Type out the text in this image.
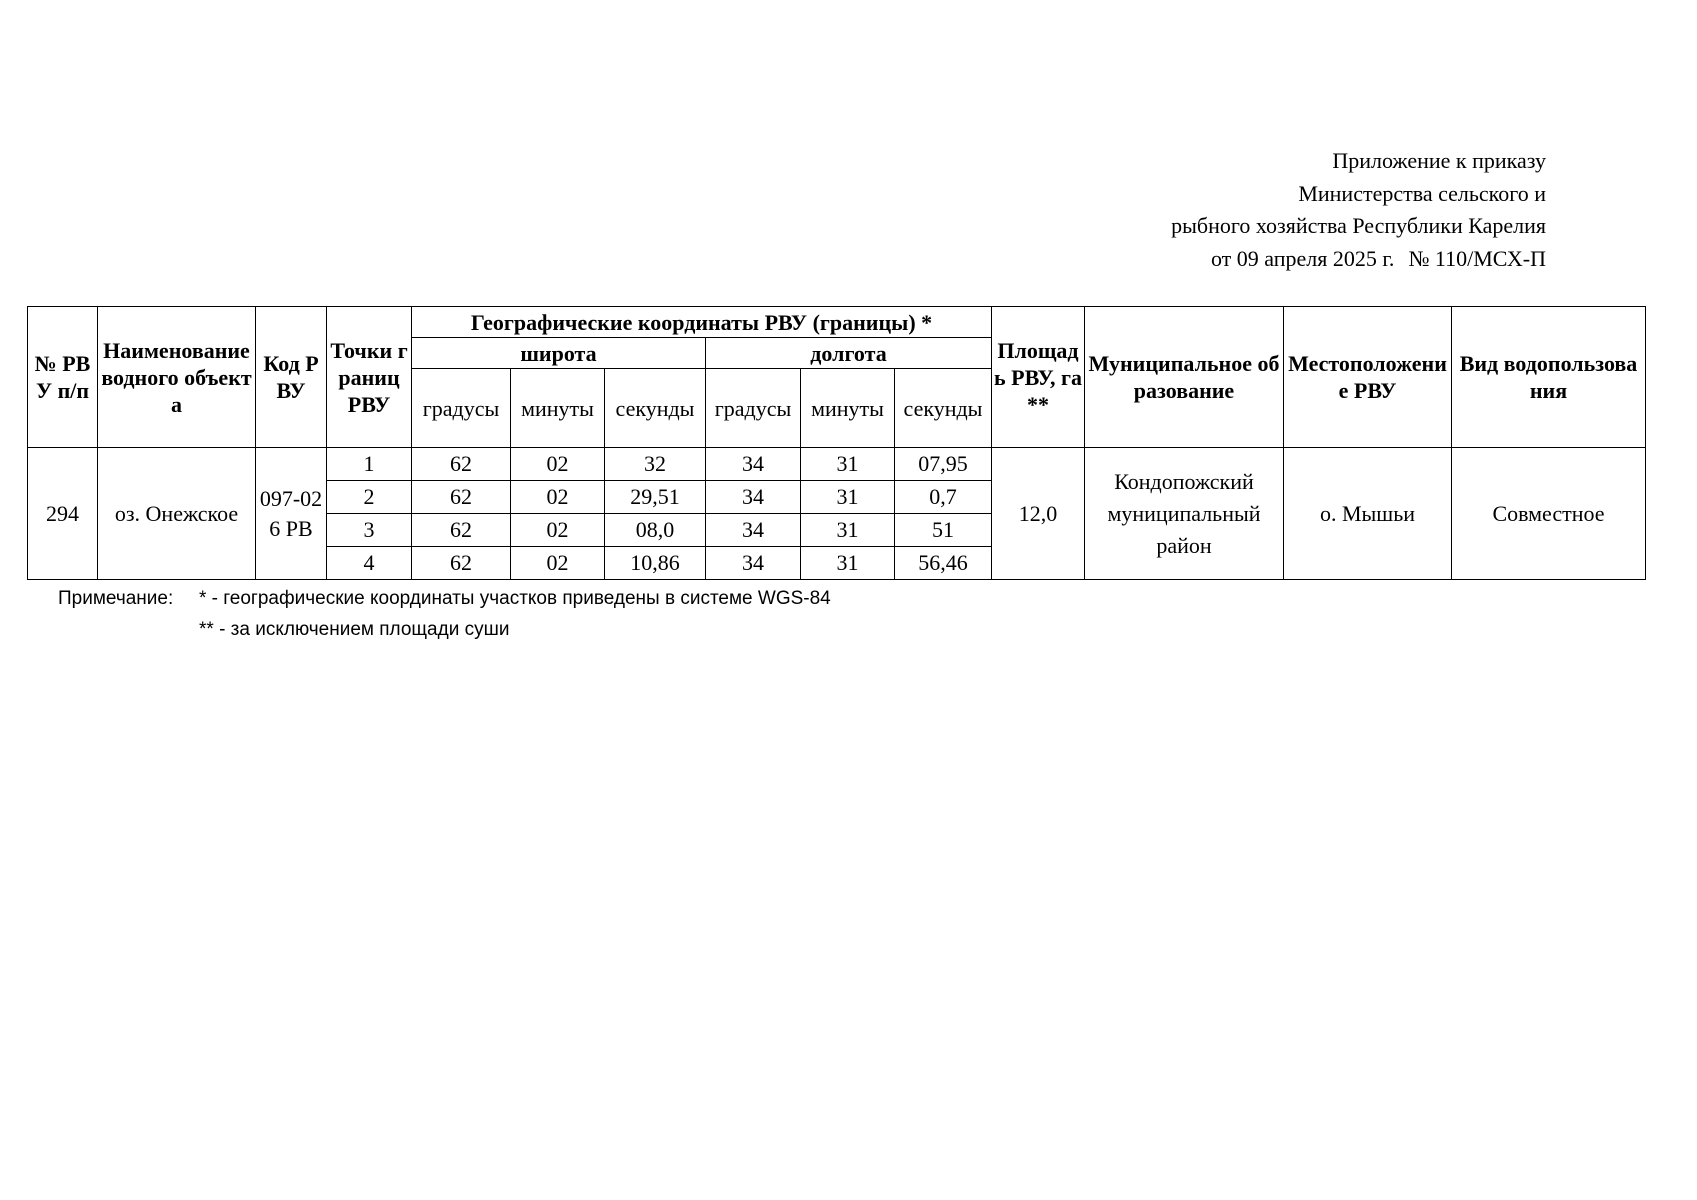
Приложение к приказу
Министерства сельского и
рыбного хозяйства Республики Карелия
от 09 апреля 2025 г. № 110/МСХ-П
№ РВУ п/п	Наименование водного объекта	Код РВУ	Точки границ РВУ	Географические координаты РВУ (границы) *						Площадь РВУ, га**	Муниципальное образование	Местоположение РВУ	Вид водопользования
				широта			долгота						
				градусы	минуты	секунды	градусы	минуты	секунды				
294	оз. Онежское	097-026 РВ	1	62	02	32	34	31	07,95	12,0	Кондопожский муниципальный район	о. Мышьи	Совместное
			2	62	02	29,51	34	31	0,7				
			3	62	02	08,0	34	31	51				
			4	62	02	10,86	34	31	56,46				
Примечание:	* - географические координаты участков приведены в системе WGS-84
** - за исключением площади суши
